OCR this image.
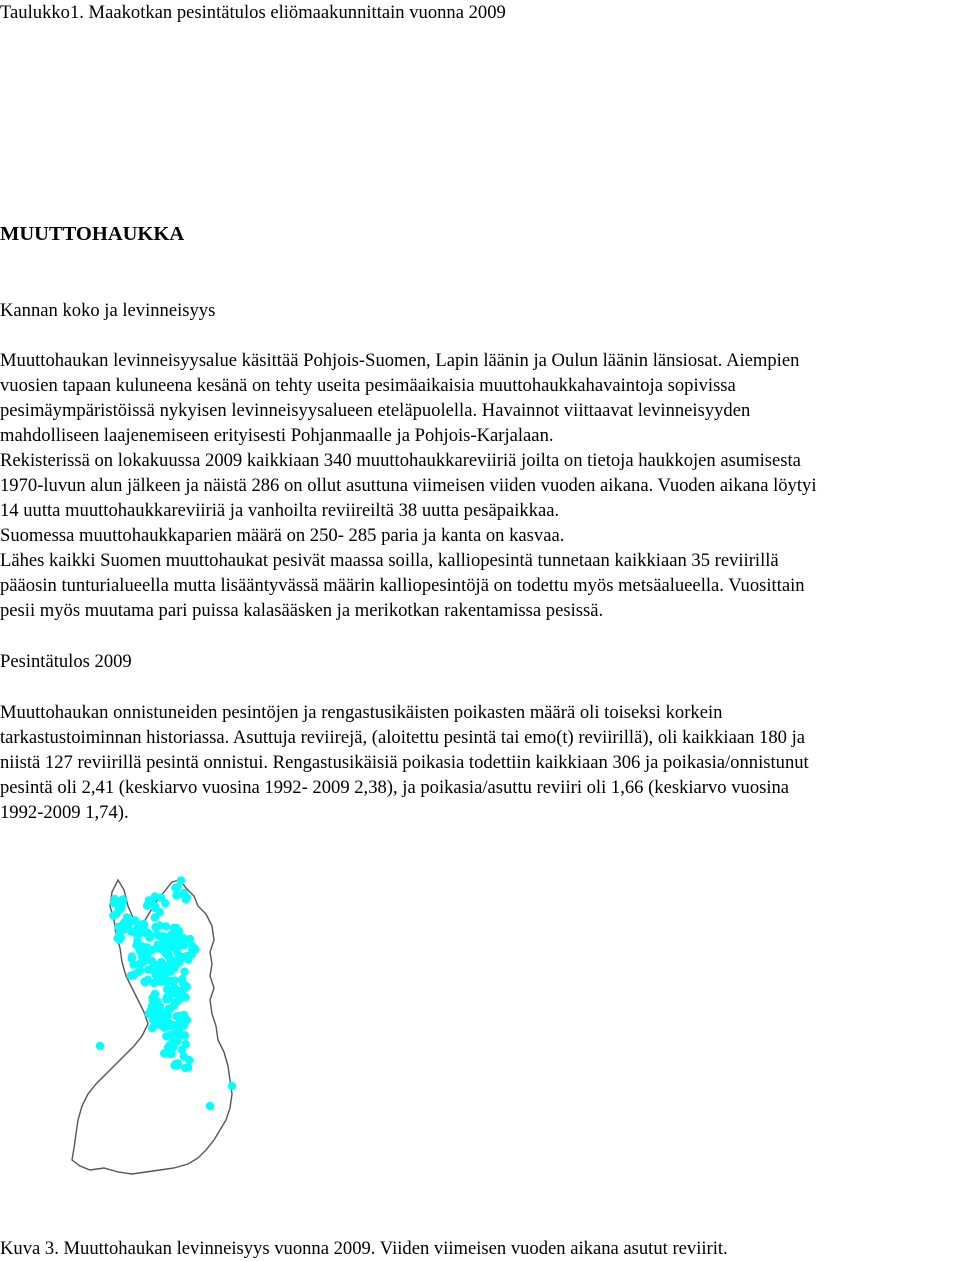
Taulukko1. Maakotkan pesintätulos eliömaakunnittain vuonna 2009

MUUTTOHAUKKA

Kannan koko ja levinneisyys

Muuttohaukan levinneisyysalue käsittää Pohjois-Suomen, Lapin läänin ja Oulun läänin länsiosat. Aiempien
vuosien tapaan kuluneena kesänä on tehty useita pesimäaikaisia muuttohaukkahavaintoja sopivissa
pesimäympäristöissä nykyisen levinneisyysalueen eteläpuolella. Havainnot viittaavat levinneisyyden
mahdolliseen laajenemiseen erityisesti Pohjanmaalle ja Pohjois-Karjalaan.
Rekisterissä on lokakuussa 2009 kaikkiaan 340 muuttohaukkareviiriä joilta on tietoja haukkojen asumisesta
1970-luvun alun jälkeen ja näistä 286 on ollut asuttuna viimeisen viiden vuoden aikana. Vuoden aikana löytyi
14 uutta muuttohaukkareviiriä ja vanhoilta reviireiltä 38 uutta pesäpaikkaa.
Suomessa muuttohaukkaparien määrä on 250- 285 paria ja kanta on kasvaa.
Lähes kaikki Suomen muuttohaukat pesivät maassa soilla, kalliopesintä tunnetaan kaikkiaan 35 reviirillä
pääosin tunturialueella mutta lisääntyvässä määrin kalliopesintöjä on todettu myös metsäalueella. Vuosittain
pesii myös muutama pari puissa kalasääsken ja merikotkan rakentamissa pesissä.

Pesintätulos 2009

Muuttohaukan onnistuneiden pesintöjen ja rengastusikäisten poikasten määrä oli toiseksi korkein
tarkastustoiminnan historiassa. Asuttuja reviirejä, (aloitettu pesintä tai emo(t) reviirillä), oli kaikkiaan 180 ja
niistä 127 reviirillä pesintä onnistui. Rengastusikäisiä poikasia todettiin kaikkiaan 306 ja poikasia/onnistunut
pesintä oli 2,41 (keskiarvo vuosina 1992- 2009 2,38), ja poikasia/asuttu reviiri oli 1,66 (keskiarvo vuosina
1992-2009 1,74).

Kuva 3. Muuttohaukan levinneisyys vuonna 2009. Viiden viimeisen vuoden aikana asutut reviirit.
